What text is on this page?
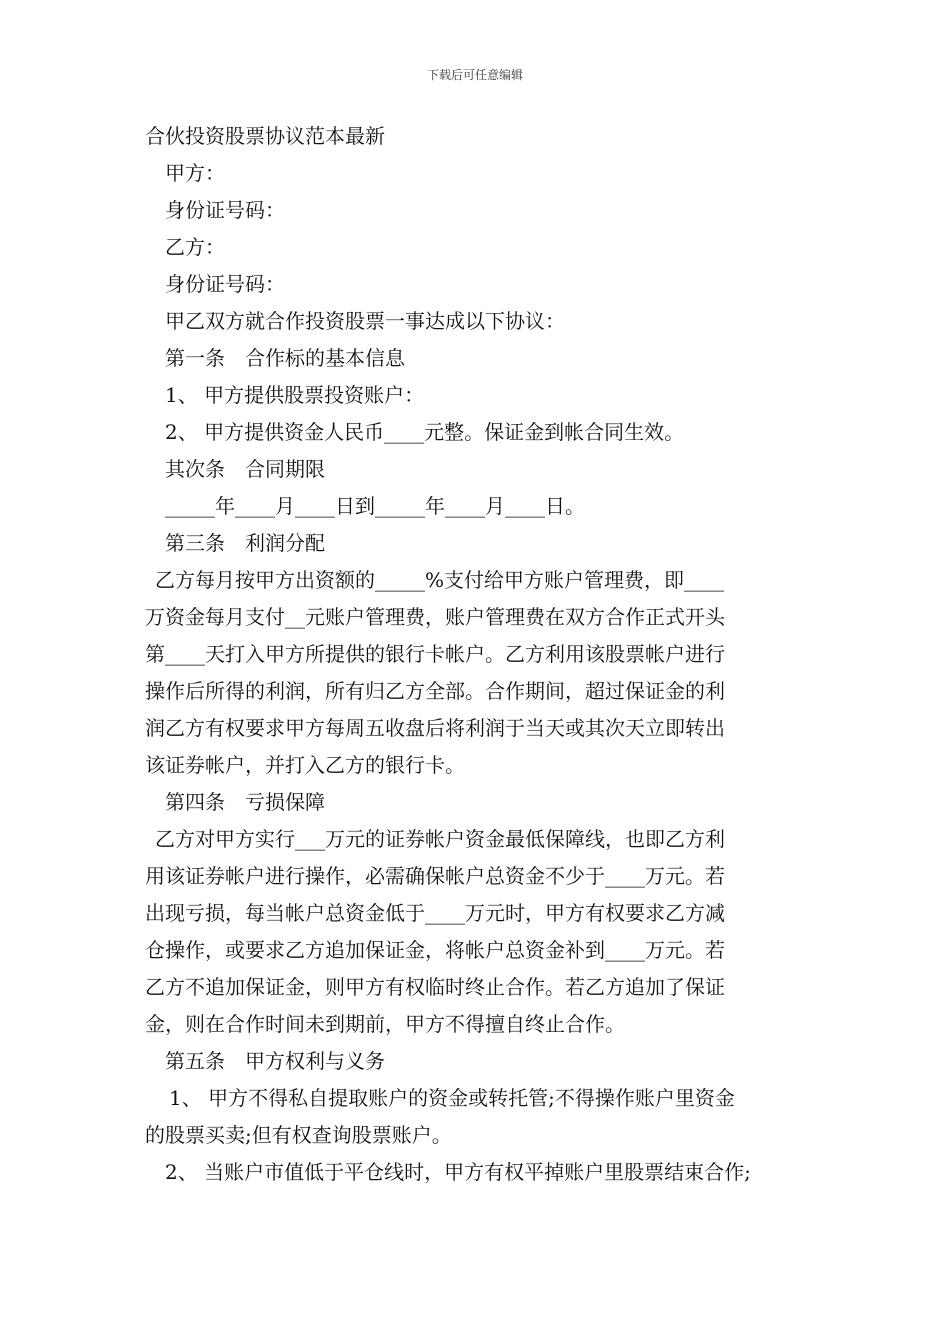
下载后可任意编辑
合伙投资股票协议范本最新
甲方：
身份证号码：
乙方：
身份证号码：
甲乙双方就合作投资股票一事达成以下协议：
第一条　合作标的基本信息
1、 甲方提供股票投资账户：
2、 甲方提供资金人民币____元整。保证金到帐合同生效。
其次条　合同期限
_____年____月____日到_____年____月____日。
第三条　利润分配
乙方每月按甲方出资额的_____%支付给甲方账户管理费，即____
万资金每月支付__元账户管理费，账户管理费在双方合作正式开头
第____天打入甲方所提供的银行卡帐户。乙方利用该股票帐户进行
操作后所得的利润，所有归乙方全部。合作期间，超过保证金的利
润乙方有权要求甲方每周五收盘后将利润于当天或其次天立即转出
该证券帐户，并打入乙方的银行卡。
第四条　亏损保障
乙方对甲方实行___万元的证券帐户资金最低保障线，也即乙方利
用该证券帐户进行操作，必需确保帐户总资金不少于____万元。若
出现亏损，每当帐户总资金低于____万元时，甲方有权要求乙方减
仓操作，或要求乙方追加保证金，将帐户总资金补到____万元。若
乙方不追加保证金，则甲方有权临时终止合作。若乙方追加了保证
金，则在合作时间未到期前，甲方不得擅自终止合作。
第五条　甲方权利与义务
1、 甲方不得私自提取账户的资金或转托管;不得操作账户里资金
的股票买卖;但有权查询股票账户。
2、 当账户市值低于平仓线时，甲方有权平掉账户里股票结束合作;
